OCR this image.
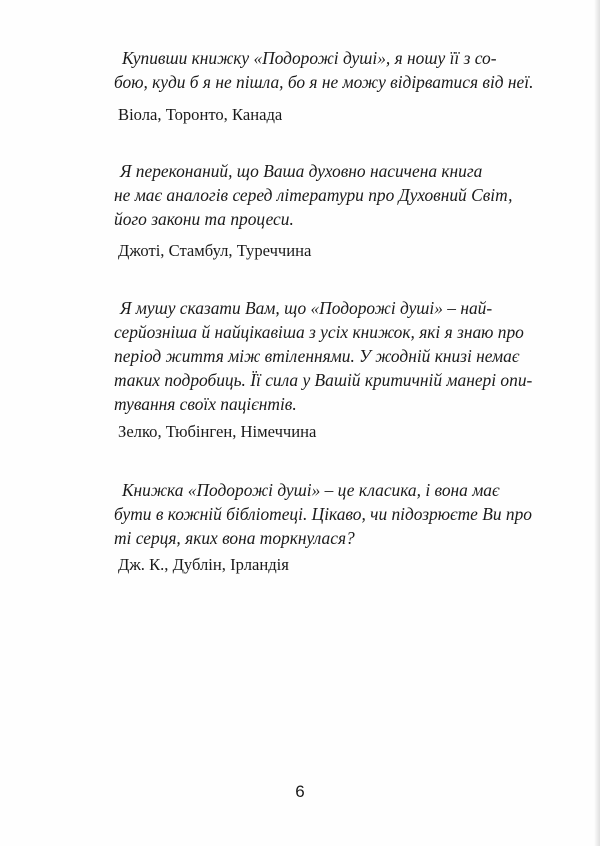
Купивши книжку «Подорожі душі», я ношу її з со-
бою, куди б я не пішла, бо я не можу відірватися від неї.

Віола, Торонто, Канада

Я переконаний, що Ваша духовно насичена книга
не має аналогів серед літератури про Духовний Світ,
його закони та процеси.

Джоті, Стамбул, Туреччина

Я мушу сказати Вам, що «Подорожі душі» – най-
серйозніша й найцікавіша з усіх книжок, які я знаю про
період життя між втіленнями. У жодній книзі немає
таких подробиць. Її сила у Вашій критичній манері опи-
тування своїх пацієнтів.

Зелко, Тюбінген, Німеччина

Книжка «Подорожі душі» – це класика, і вона має
бути в кожній бібліотеці. Цікаво, чи підозрюєте Ви про
ті серця, яких вона торкнулася?

Дж. К., Дублін, Ірландія

6
